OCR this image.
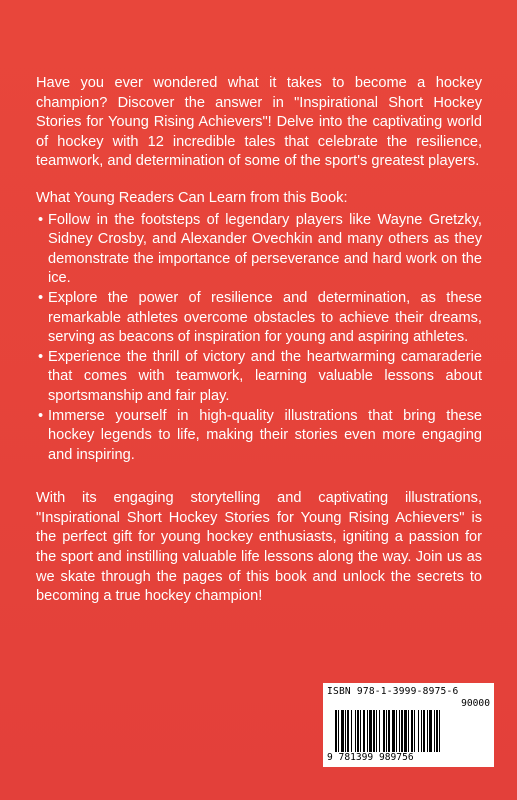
Have you ever wondered what it takes to become a hockey champion? Discover the answer in "Inspirational Short Hockey Stories for Young Rising Achievers"! Delve into the captivating world of hockey with 12 incredible tales that celebrate the resilience, teamwork, and determination of some of the sport's greatest players.

What Young Readers Can Learn from this Book:

• Follow in the footsteps of legendary players like Wayne Gretzky, Sidney Crosby, and Alexander Ovechkin and many others as they demonstrate the importance of perseverance and hard work on the ice.
• Explore the power of resilience and determination, as these remarkable athletes overcome obstacles to achieve their dreams, serving as beacons of inspiration for young and aspiring athletes.
• Experience the thrill of victory and the heartwarming camaraderie that comes with teamwork, learning valuable lessons about sportsmanship and fair play.
• Immerse yourself in high-quality illustrations that bring these hockey legends to life, making their stories even more engaging and inspiring.

With its engaging storytelling and captivating illustrations, "Inspirational Short Hockey Stories for Young Rising Achievers" is the perfect gift for young hockey enthusiasts, igniting a passion for the sport and instilling valuable life lessons along the way. Join us as we skate through the pages of this book and unlock the secrets to becoming a true hockey champion!

ISBN 978-1-3999-8975-6
90000
9 781399 989756
